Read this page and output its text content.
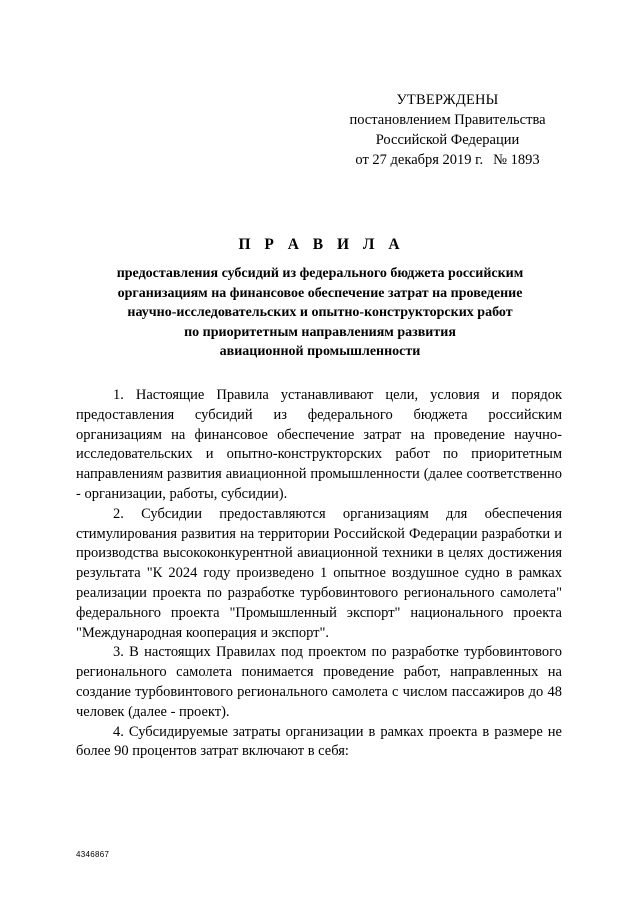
УТВЕРЖДЕНЫ
постановлением Правительства
Российской Федерации
от 27 декабря 2019 г. № 1893
П Р А В И Л А
предоставления субсидий из федерального бюджета российским
организациям на финансовое обеспечение затрат на проведение
научно-исследовательских и опытно-конструкторских работ
по приоритетным направлениям развития
авиационной промышленности

1. Настоящие Правила устанавливают цели, условия и порядок предоставления субсидий из федерального бюджета российским организациям на финансовое обеспечение затрат на проведение научно-исследовательских и опытно-конструкторских работ по приоритетным направлениям развития авиационной промышленности (далее соответственно - организации, работы, субсидии).

2. Субсидии предоставляются организациям для обеспечения стимулирования развития на территории Российской Федерации разработки и производства высококонкурентной авиационной техники в целях достижения результата "К 2024 году произведено 1 опытное воздушное судно в рамках реализации проекта по разработке турбовинтового регионального самолета" федерального проекта "Промышленный экспорт" национального проекта "Международная кооперация и экспорт".

3. В настоящих Правилах под проектом по разработке турбовинтового регионального самолета понимается проведение работ, направленных на создание турбовинтового регионального самолета с числом пассажиров до 48 человек (далее - проект).

4. Субсидируемые затраты организации в рамках проекта в размере не более 90 процентов затрат включают в себя:

4346867
